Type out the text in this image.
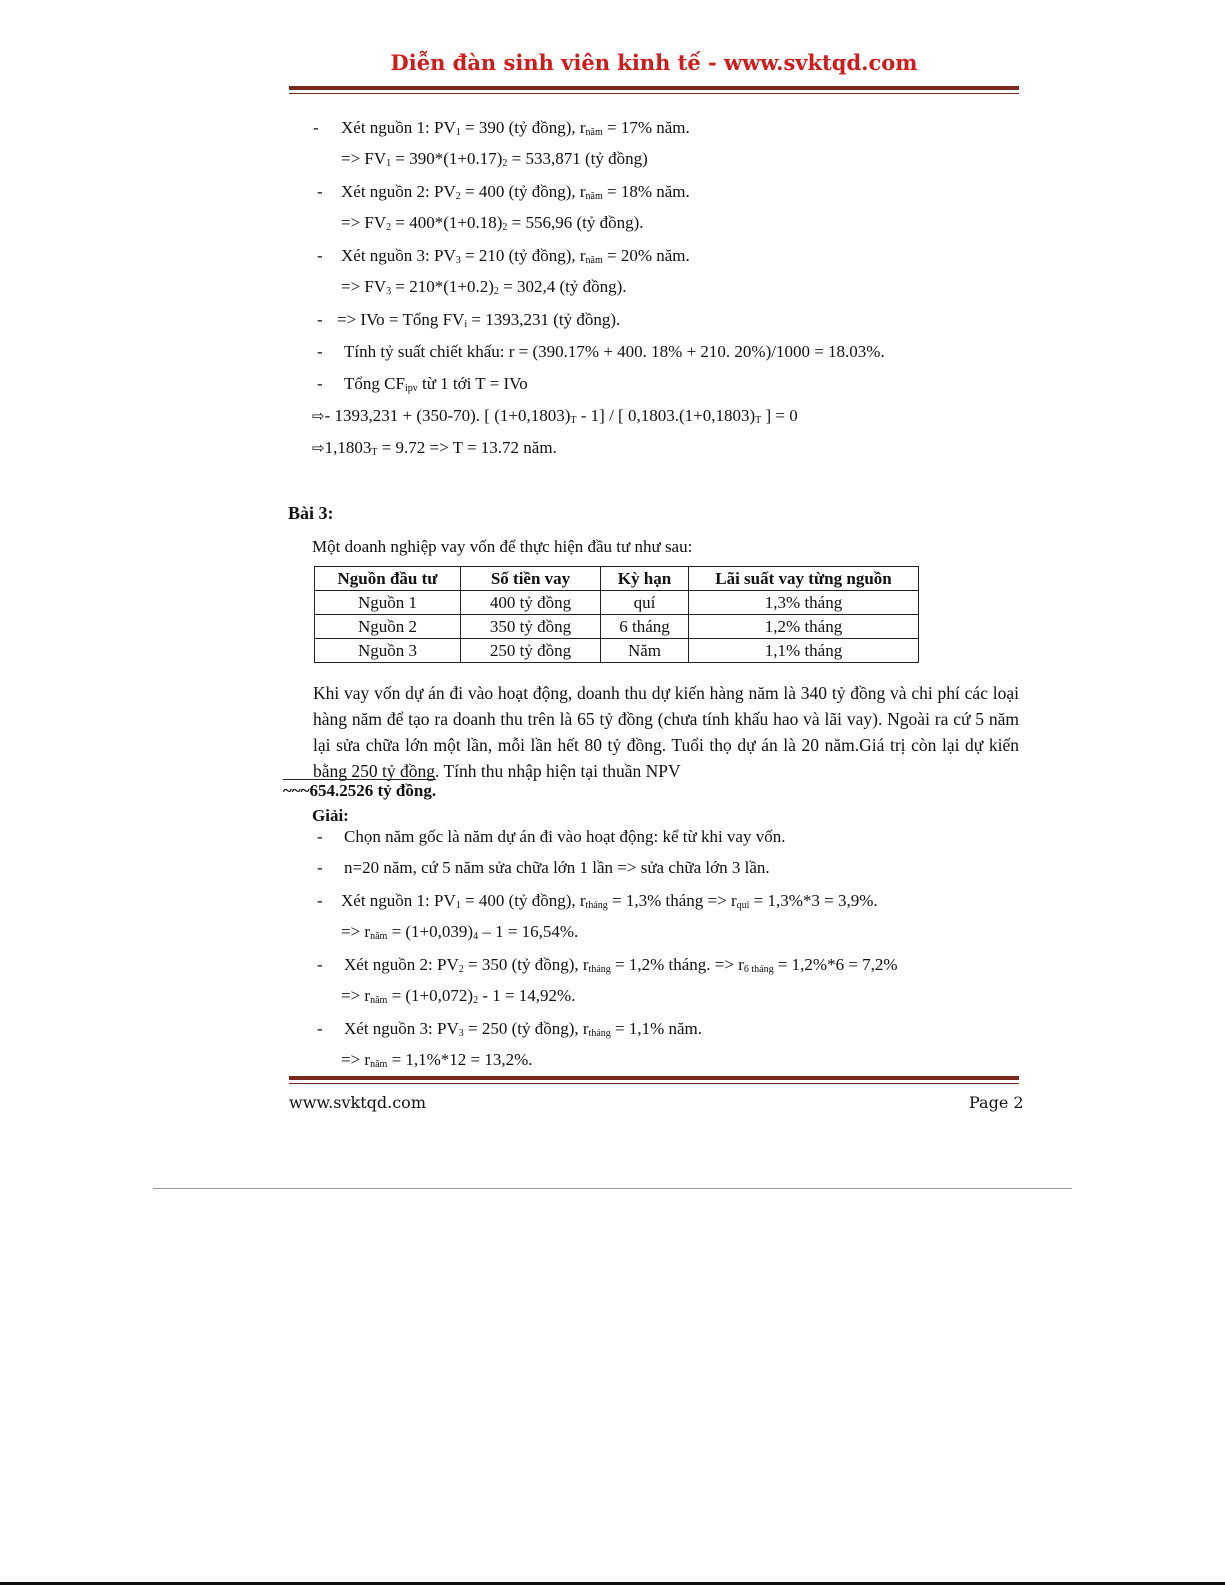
Diễn đàn sinh viên kinh tế - www.svktqd.com
- Xét nguồn 1: $PV_1 = 390$ (tỷ đồng), $r_{năm} = 17\%$ năm.
=> $FV_1 = 390*(1+0.17)_2 = 533,871$ (tỷ đồng)
- Xét nguồn 2: $PV_2 = 400$ (tỷ đồng), $r_{năm} = 18\%$ năm.
=> $FV_2 = 400*(1+0.18)_2 = 556,96$ (tỷ đồng).
- Xét nguồn 3: $PV_3 = 210$ (tỷ đồng), $r_{năm} = 20\%$ năm.
=> $FV_3 = 210*(1+0.2)_2 = 302,4$ (tỷ đồng).
- => IVo = Tổng $FV_i = 1393,231$ (tỷ đồng).
- Tính tỷ suất chiết khấu: r = (390.17% + 400. 18% + 210. 20%)/1000 = 18.03%.
- Tổng $CF_{ipv}$ từ 1 tới T = IVo
⇨- 1393,231 + (350-70). [ $(1+0,1803)_T - 1$] / [ $0,1803.(1+0,1803)_T$ ] = 0
$⇨1,1803_T = 9.72 => T = 13.72$ năm.
Bài 3:
Một doanh nghiệp vay vốn để thực hiện đầu tư như sau:
Nguồn đầu tư	Số tiền vay	Kỳ hạn	Lãi suất vay từng nguồn
Nguồn 1	400 tỷ đồng	quí	1,3% tháng
Nguồn 2	350 tỷ đồng	6 tháng	1,2% tháng
Nguồn 3	250 tỷ đồng	Năm	1,1% tháng
Khi vay vốn dự án đi vào hoạt động, doanh thu dự kiến hàng năm là 340 tỷ đồng và chi phí các loại hàng năm để tạo ra doanh thu trên là 65 tỷ đồng (chưa tính khấu hao và lãi vay). Ngoài ra cứ 5 năm lại sửa chữa lớn một lần, mỗi lần hết 80 tỷ đồng. Tuổi thọ dự án là 20 năm.Giá trị còn lại dự kiến bằng 250 tỷ đồng. Tính thu nhập hiện tại thuần NPV
~~~654.2526 tỷ đồng.
Giải:
- Chọn năm gốc là năm dự án đi vào hoạt động: kể từ khi vay vốn.
- n=20 năm, cứ 5 năm sửa chữa lớn 1 lần => sửa chữa lớn 3 lần.
- Xét nguồn 1: $PV_1 = 400$ (tỷ đồng), $r_{tháng} = 1,3\%$ tháng => $r_{qui} = 1,3\%*3 = 3,9\%$.
=> $r_{năm} = (1+0,039)_4 - 1 = 16,54\%$.
- Xét nguồn 2: $PV_2 = 350$ (tỷ đồng), $r_{tháng} = 1,2\%$ tháng. => $r_{6 tháng} = 1,2\%*6 = 7,2\%$
=> $r_{năm} = (1+0,072)_2 - 1 = 14,92\%$.
- Xét nguồn 3: $PV_3 = 250$ (tỷ đồng), $r_{tháng} = 1,1\%$ năm.
=> $r_{năm} = 1,1\%*12 = 13,2\%$.
www.svktqd.com	Page 2
